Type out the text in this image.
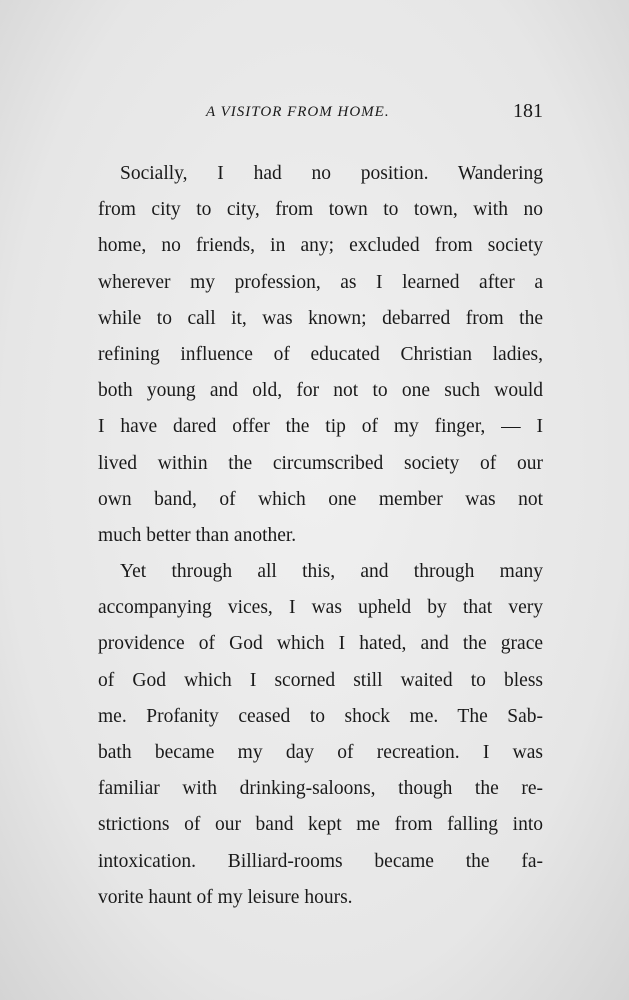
A VISITOR FROM HOME.	181
Socially, I had no position. Wandering
from city to city, from town to town, with no
home, no friends, in any; excluded from society
wherever my profession, as I learned after a
while to call it, was known; debarred from the
refining influence of educated Christian ladies,
both young and old, for not to one such would
I have dared offer the tip of my finger, — I
lived within the circumscribed society of our
own band, of which one member was not
much better than another.
Yet through all this, and through many
accompanying vices, I was upheld by that very
providence of God which I hated, and the grace
of God which I scorned still waited to bless
me. Profanity ceased to shock me. The Sab-
bath became my day of recreation. I was
familiar with drinking-saloons, though the re-
strictions of our band kept me from falling into
intoxication. Billiard-rooms became the fa-
vorite haunt of my leisure hours.
